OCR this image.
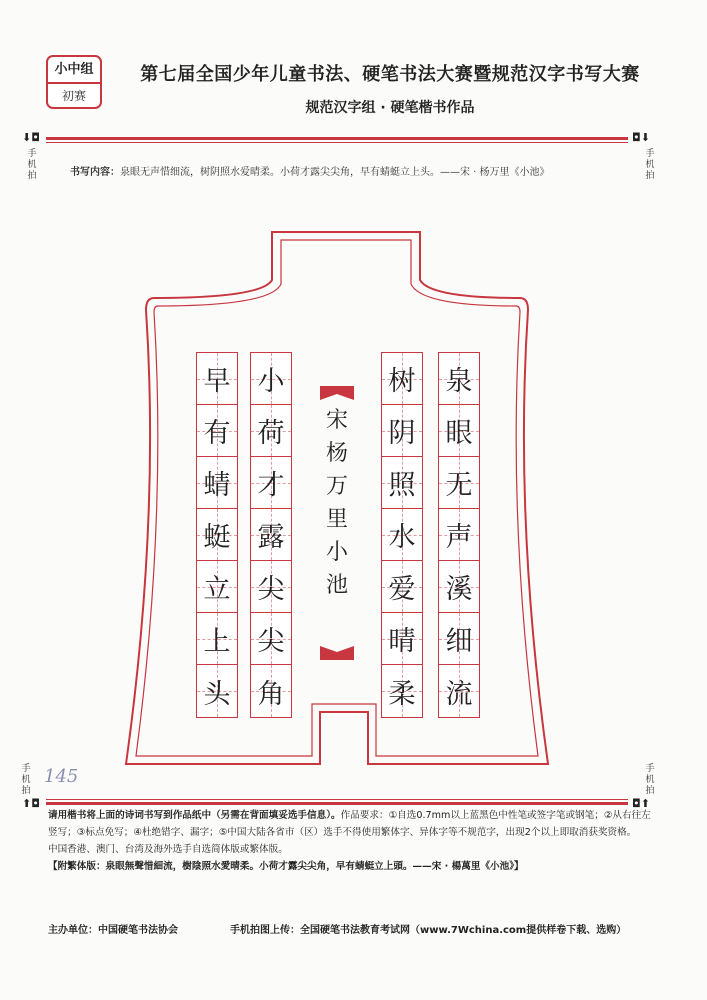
小中组
初赛
第七届全国少年儿童书法、硬笔书法大赛暨规范汉字书写大赛
规范汉字组 · 硬笔楷书作品
⬇◘	◘⬇
⬆◘	◘⬆
手机拍
手机拍
手机拍
手机拍
书写内容：泉眼无声惜细流，树阴照水爱晴柔。小荷才露尖尖角，早有蜻蜓立上头。——宋 · 杨万里《小池》
泉
眼
无
声
溪
细
流
树
阴
照
水
爱
晴
柔
小
荷
才
露
尖
尖
角
早
有
蜻
蜓
立
上
头
宋
杨
万
里
小
池
145

请用楷书将上面的诗词书写到作品纸中（另需在背面填妥选手信息）。作品要求：①自选0.7mm以上蓝黑色中性笔或签字笔或钢笔；②从右往左竖写；③标点免写；④杜绝错字、漏字；⑤中国大陆各省市（区）选手不得使用繁体字、异体字等不规范字，出现2个以上即取消获奖资格。

中国香港、澳门、台湾及海外选手自选简体版或繁体版。

【附繁体版：泉眼無聲惜細流，樹陰照水愛晴柔。小荷才露尖尖角，早有蜻蜓立上頭。——宋 · 楊萬里《小池》】

主办单位：中国硬笔书法协会	手机拍图上传：全国硬笔书法教育考试网（www.7Wchina.com提供样卷下载、选购）
